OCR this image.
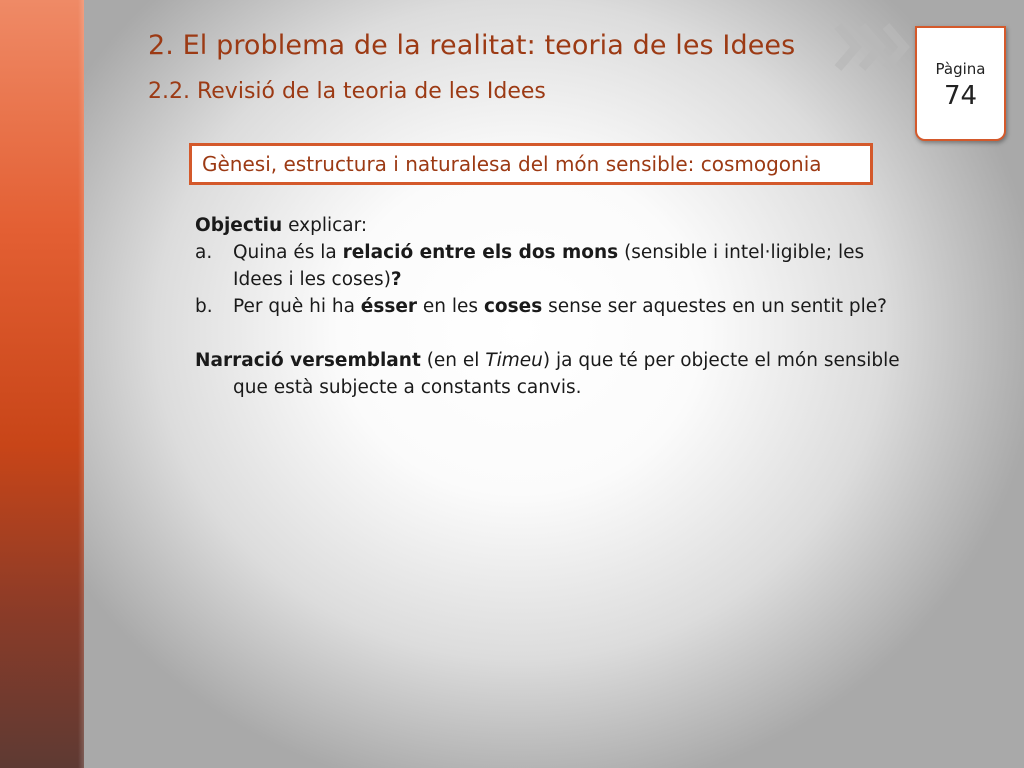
2. El problema de la realitat: teoria de les Idees
2.2. Revisió de la teoria de les Idees
Pàgina
74
Gènesi, estructura i naturalesa del món sensible: cosmogonia

Objectiu explicar:

a.	Quina és la relació entre els dos mons (sensible i intel·ligible; les Idees i les coses)?
b.	Per què hi ha ésser en les coses sense ser aquestes en un sentit ple?

Narració versemblant (en el Timeu) ja que té per objecte el món sensible que està subjecte a constants canvis.
